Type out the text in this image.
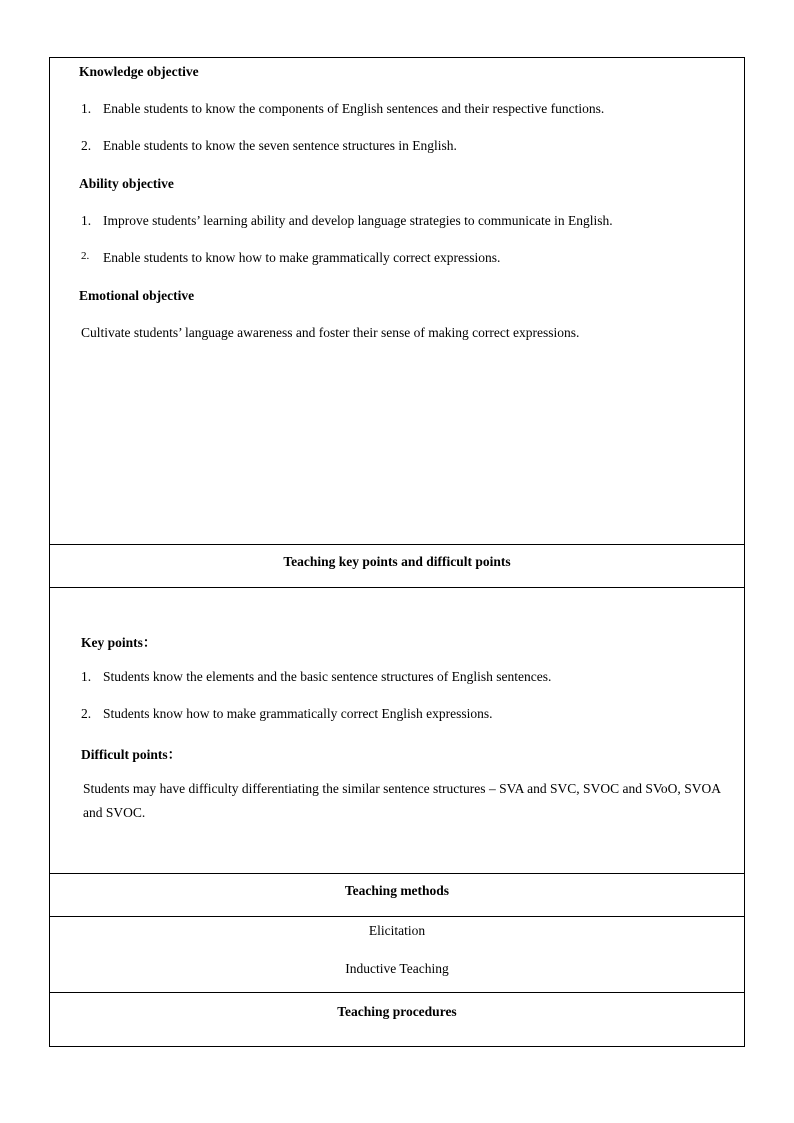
Knowledge objective
1. Enable students to know the components of English sentences and their respective functions.
2. Enable students to know the seven sentence structures in English.
Ability objective
1. Improve students’ learning ability and develop language strategies to communicate in English.
2. Enable students to know how to make grammatically correct expressions.
Emotional objective
Cultivate students’ language awareness and foster their sense of making correct expressions.
Teaching key points and difficult points
Key points：
1. Students know the elements and the basic sentence structures of English sentences.
2. Students know how to make grammatically correct English expressions.
Difficult points：
Students may have difficulty differentiating the similar sentence structures – SVA and SVC, SVOC and SVoO, SVOA and SVOC.
Teaching methods
Elicitation
Inductive Teaching
Teaching procedures
